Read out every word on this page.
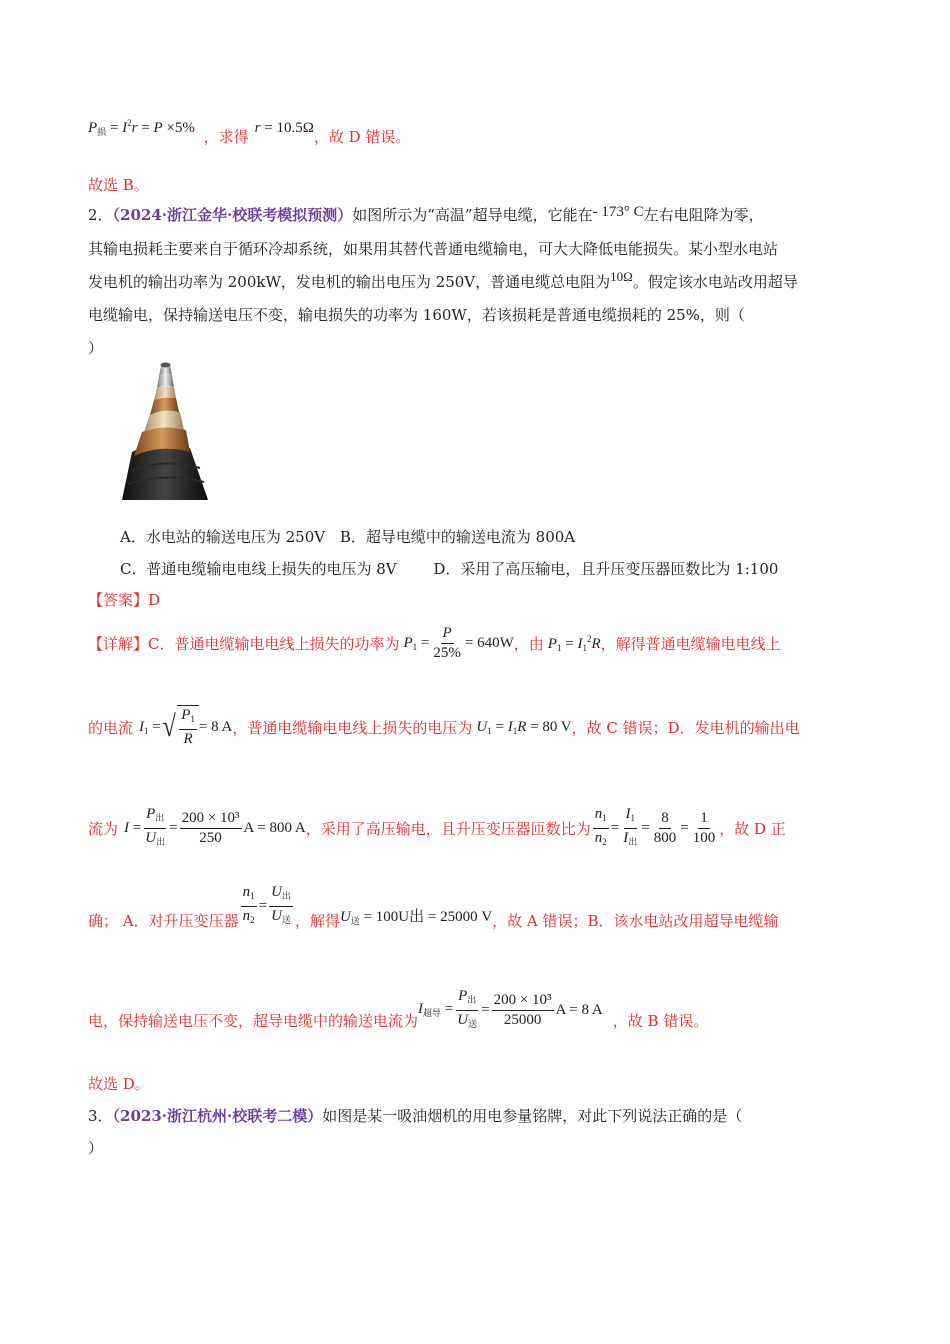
$P_损 = I^2r = P \times 5\%$ ，求得 r = 10.5Ω，故 D 错误。
故选 B。
2．（2024·浙江金华·校联考模拟预测）如图所示为“高温”超导电缆，它能在- 173° C左右电阻降为零，
其输电损耗主要来自于循环冷却系统，如果用其替代普通电缆输电，可大大降低电能损失。某小型水电站
发电机的输出功率为 200kW，发电机的输出电压为 250V，普通电缆总电阻为10Ω。假定该水电站改用超导
电缆输电，保持输送电压不变，输电损失的功率为 160W，若该损耗是普通电缆损耗的 25%，则（
）
A．水电站的输送电压为 250V B．超导电缆中的输送电流为 800A
C．普通电缆输电电线上损失的电压为 8V D．采用了高压输电，且升压变压器匝数比为 1:100
【答案】D
【详解】 C．普通电缆输电电线上损失的功率为 $P_1 = \frac{P}{25\%} = 640W$ ，由 $P_1 = I_1^2R$ ，解得普通电缆输电电线上
的电流 $I_1$ = √ $\frac{P_1}{R} = 8$ A ，普通电缆输电电线上损失的电压为 $U_1 = I_1R = 80$ V ，故 C 错误；D．发电机的输出电
流为 $I = \frac{P_出}{U_出} = \frac{\text{200 × 10³}}{250}$ A = 800 A ，采用了高压输电，且升压变压器匝数比为 $\frac{n_1}{n_2} = \frac{I_1}{I_出} = \frac{8}{800} = \frac{1}{100}$ ，故 D 正
确； A．对升压变压器 $\frac{n_1}{n_2} = \frac{U_出}{U_送}$ ，解得 $U_送 = 100U$出 = 25000 V ，故 A 错误；B．该水电站改用超导电缆输
电，保持输送电压不变，超导电缆中的输送电流为
$I_{超导} = \frac{P_出}{U_送} = \frac{\text{200 × 10³}}{25000}$ A = 8 A
，故 B 错误。
故选 D。
3．（2023·浙江杭州·校联考二模）如图是某一吸油烟机的用电参量铭牌，对此下列说法正确的是（
）
